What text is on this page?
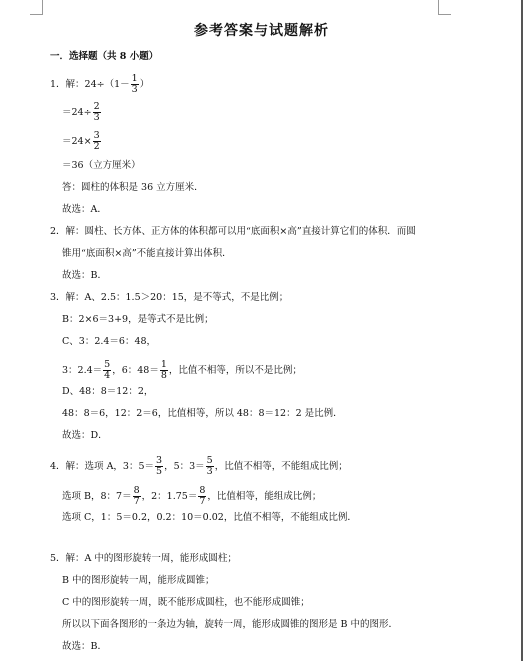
参考答案与试题解析
一．选择题（共 8 小题）
1．解：$24\div(1- \frac{1}{3}$ ）
$=24\div \frac{2}{3}$
$=24\times \frac{3}{2}$
＝36（立方厘米）
答：圆柱的体积是 36 立方厘米．
故选：A．
2．解：圆柱、长方体、正方体的体积都可以用“底面积×高”直接计算它们的体积．而圆
锥用“底面积×高”不能直接计算出体积．
故选：B．
3．解：A、2.5：1.5＞20：15，是不等式，不是比例；
B：2×6＝3+9，是等式不是比例；
C、3：2.4＝6：48，
3：$2.4= \frac{5}{4}$ ，6：$48= \frac{1}{8}$ ，比值不相等，所以不是比例；
D、48：8＝12：2，
48：8＝6，12：2＝6，比值相等，所以 48：8＝12：2 是比例．
故选：D．
4．解：选项 A，3：$5= \frac{3}{5}$ ，5：$3= \frac{5}{3}$ ，比值不相等，不能组成比例；
选项 B，8：$7= \frac{8}{7}$ ，2：$1.75= \frac{8}{7}$ ，比值相等，能组成比例；
选项 C，1：5＝0.2，0.2：10＝0.02，比值不相等，不能组成比例．
5．解：A 中的图形旋转一周，能形成圆柱；
B 中的图形旋转一周，能形成圆锥；
C 中的图形旋转一周，既不能形成圆柱，也不能形成圆锥；
所以以下面各图形的一条边为轴，旋转一周，能形成圆锥的图形是 B 中的图形．
故选：B．
